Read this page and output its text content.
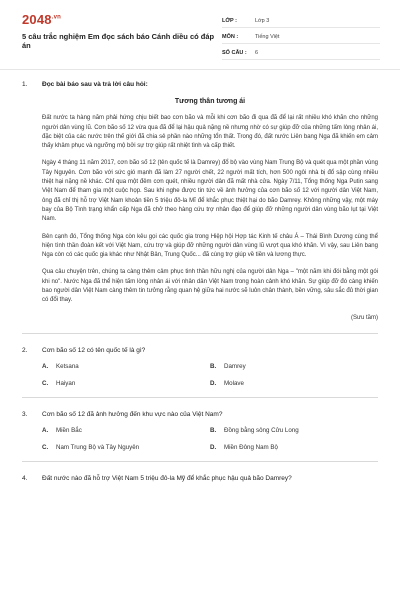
$2048^{.vn}$
5 câu trắc nghiệm Em đọc sách báo Cánh diều có đáp án
LỚP :	Lớp 3
MÔN :	Tiếng Việt
SỐ CÂU :	6
1.	Đọc bài báo sau và trả lời câu hỏi:
Tương thân tương ái

Đất nước ta hàng năm phải hứng chịu biết bao cơn bão và mỗi khi cơn bão đi qua đã để lại rất nhiều khó khăn cho những người dân vùng lũ. Cơn bão số 12 vừa qua đã để lại hậu quả nặng nề nhưng nhờ có sự giúp đỡ của những tấm lòng nhân ái, đặc biệt của các nước trên thế giới đã chia sẻ phần nào những tổn thất. Trong đó, đất nước Liên bang Nga đã khiến em cảm thấy khâm phục và ngưỡng mộ bởi sự trợ giúp rất nhiệt tình và cấp thiết.

Ngày 4 tháng 11 năm 2017, cơn bão số 12 (tên quốc tế là Damrey) đổ bộ vào vùng Nam Trung Bộ và quét qua một phần vùng Tây Nguyên. Cơn bão với sức gió mạnh đã làm 27 người chết, 22 người mất tích, hơn 500 ngôi nhà bị đổ sập cùng nhiều thiệt hại nặng nề khác. Chỉ qua một đêm cơn quét, nhiều người dân đã mất nhà cửa. Ngày 7/11, Tổng thống Nga Putin sang Việt Nam để tham gia một cuộc họp. Sau khi nghe được tin tức về ảnh hưởng của cơn bão số 12 với người dân Việt Nam, ông đã chỉ thị hỗ trợ Việt Nam khoản tiền 5 triệu đô-la Mĩ để khắc phục thiệt hại do bão Damrey. Không những vậy, một máy bay của Bộ Tình trạng khẩn cấp Nga đã chở theo hàng cứu trợ nhân đạo để giúp đỡ những người dân vùng bão lụt tại Việt Nam.

Bên cạnh đó, Tổng thống Nga còn kêu gọi các quốc gia trong Hiệp hội Hợp tác Kinh tế châu Á – Thái Bình Dương cùng thể hiện tình thần đoàn kết với Việt Nam, cứu trợ và giúp đỡ những người dân vùng lũ vượt qua khó khăn. Vì vậy, sau Liên bang Nga còn có các quốc gia khác như Nhật Bản, Trung Quốc... đã cùng trợ giúp về tiền và lương thực.

Qua câu chuyện trên, chúng ta càng thêm cảm phục tinh thần hữu nghị của người dân Nga – "một năm khi đói bằng một gói khi no". Nước Nga đã thể hiện tấm lòng nhân ái với nhân dân Việt Nam trong hoàn cảnh khó khăn. Sự giúp đỡ đó càng khiến bao người dân Việt Nam càng thêm tin tưởng rằng quan hệ giữa hai nước sẽ luôn chân thành, bền vững, sâu sắc đủ thời gian có đổi thay.

(Sưu tầm)
2.	Cơn bão số 12 có tên quốc tế là gì?
A. Ketsana	B. Damrey
C. Haiyan	D. Molave
3.	Cơn bão số 12 đã ảnh hưởng đến khu vực nào của Việt Nam?
A. Miền Bắc	B. Đồng bằng sông Cửu Long
C. Nam Trung Bộ và Tây Nguyên	D. Miền Đông Nam Bộ
4.	Đất nước nào đã hỗ trợ Việt Nam 5 triệu đô-la Mỹ để khắc phục hậu quả bão Damrey?
